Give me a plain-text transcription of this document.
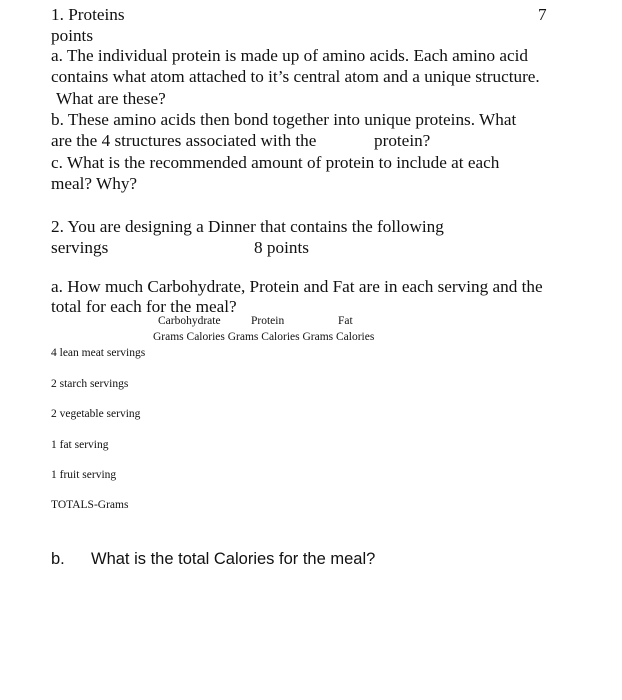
1. Proteins	7
points
a. The individual protein is made up of amino acids. Each amino acid
contains what atom attached to it’s central atom and a unique structure.
What are these?
b. These amino acids then bond together into unique proteins. What
are the 4 structures associated with the	protein?
c. What is the recommended amount of protein to include at each
meal? Why?
2. You are designing a Dinner that contains the following
servings	8 points
a. How much Carbohydrate, Protein and Fat are in each serving and the
total for each for the meal?
Carbohydrate	Protein	Fat
Grams Calories Grams Calories Grams Calories
4 lean meat servings
2 starch servings
2 vegetable serving
1 fat serving
1 fruit serving
TOTALS-Grams
b. What is the total Calories for the meal?
